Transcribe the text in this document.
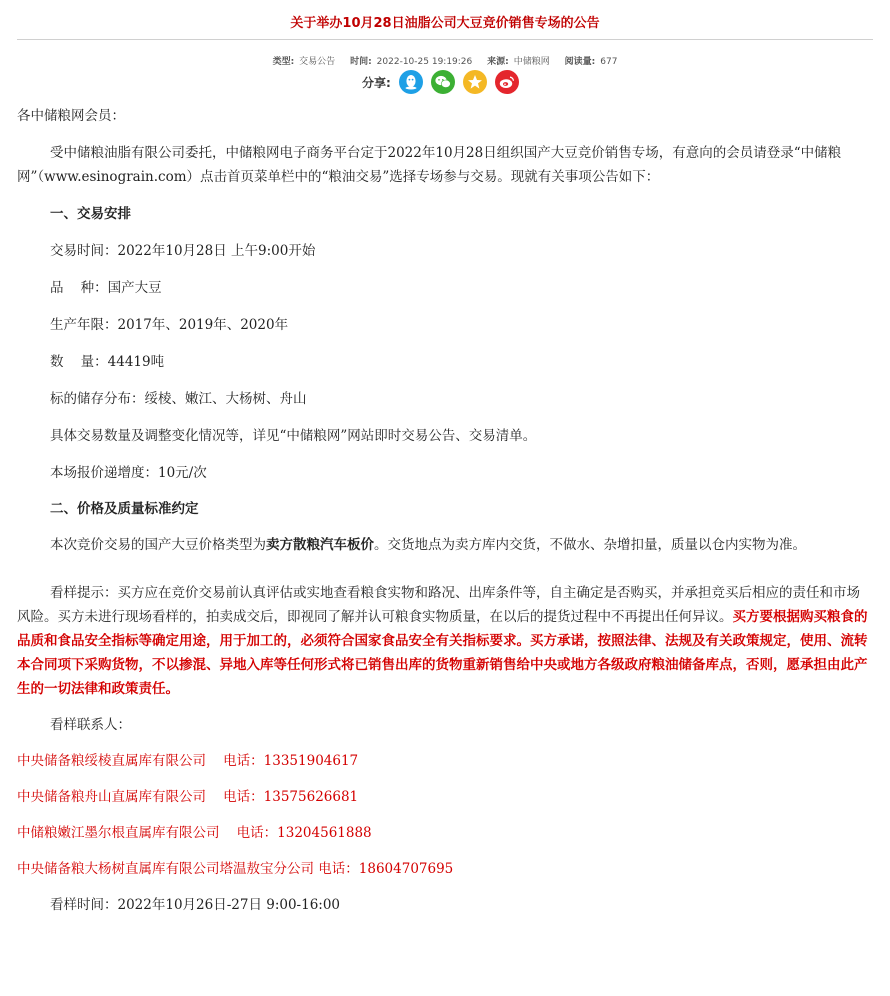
关于举办10月28日油脂公司大豆竞价销售专场的公告
类型: 交易公告 时间: 2022-10-25 19:19:26 来源: 中储粮网 阅读量: 677
分享:

各中储粮网会员：

受中储粮油脂有限公司委托，中储粮网电子商务平台定于2022年10月28日组织国产大豆竞价销售专场，有意向的会员请登录“中储粮网”（www.esinograin.com）点击首页菜单栏中的“粮油交易”选择专场参与交易。现就有关事项公告如下：

一、交易安排

交易时间：2022年10月28日 上午9:00开始

品    种：国产大豆

生产年限：2017年、2019年、2020年

数    量：44419吨

标的储存分布：绥棱、嫩江、大杨树、舟山

具体交易数量及调整变化情况等，详见“中储粮网”网站即时交易公告、交易清单。

本场报价递增度：10元/次

二、价格及质量标准约定

本次竞价交易的国产大豆价格类型为卖方散粮汽车板价。交货地点为卖方库内交货，不做水、杂增扣量，质量以仓内实物为准。

看样提示：买方应在竞价交易前认真评估或实地查看粮食实物和路况、出库条件等，自主确定是否购买，并承担竞买后相应的责任和市场风险。买方未进行现场看样的，拍卖成交后，即视同了解并认可粮食实物质量，在以后的提货过程中不再提出任何异议。买方要根据购买粮食的品质和食品安全指标等确定用途，用于加工的，必须符合国家食品安全有关指标要求。买方承诺，按照法律、法规及有关政策规定，使用、流转本合同项下采购货物，不以掺混、异地入库等任何形式将已销售出库的货物重新销售给中央或地方各级政府粮油储备库点，否则，愿承担由此产生的一切法律和政策责任。

看样联系人：

中央储备粮绥棱直属库有限公司    电话：13351904617

中央储备粮舟山直属库有限公司    电话：13575626681

中储粮嫩江墨尔根直属库有限公司    电话：13204561888

中央储备粮大杨树直属库有限公司塔温敖宝分公司 电话：18604707695

看样时间：2022年10月26日-27日 9:00-16:00
